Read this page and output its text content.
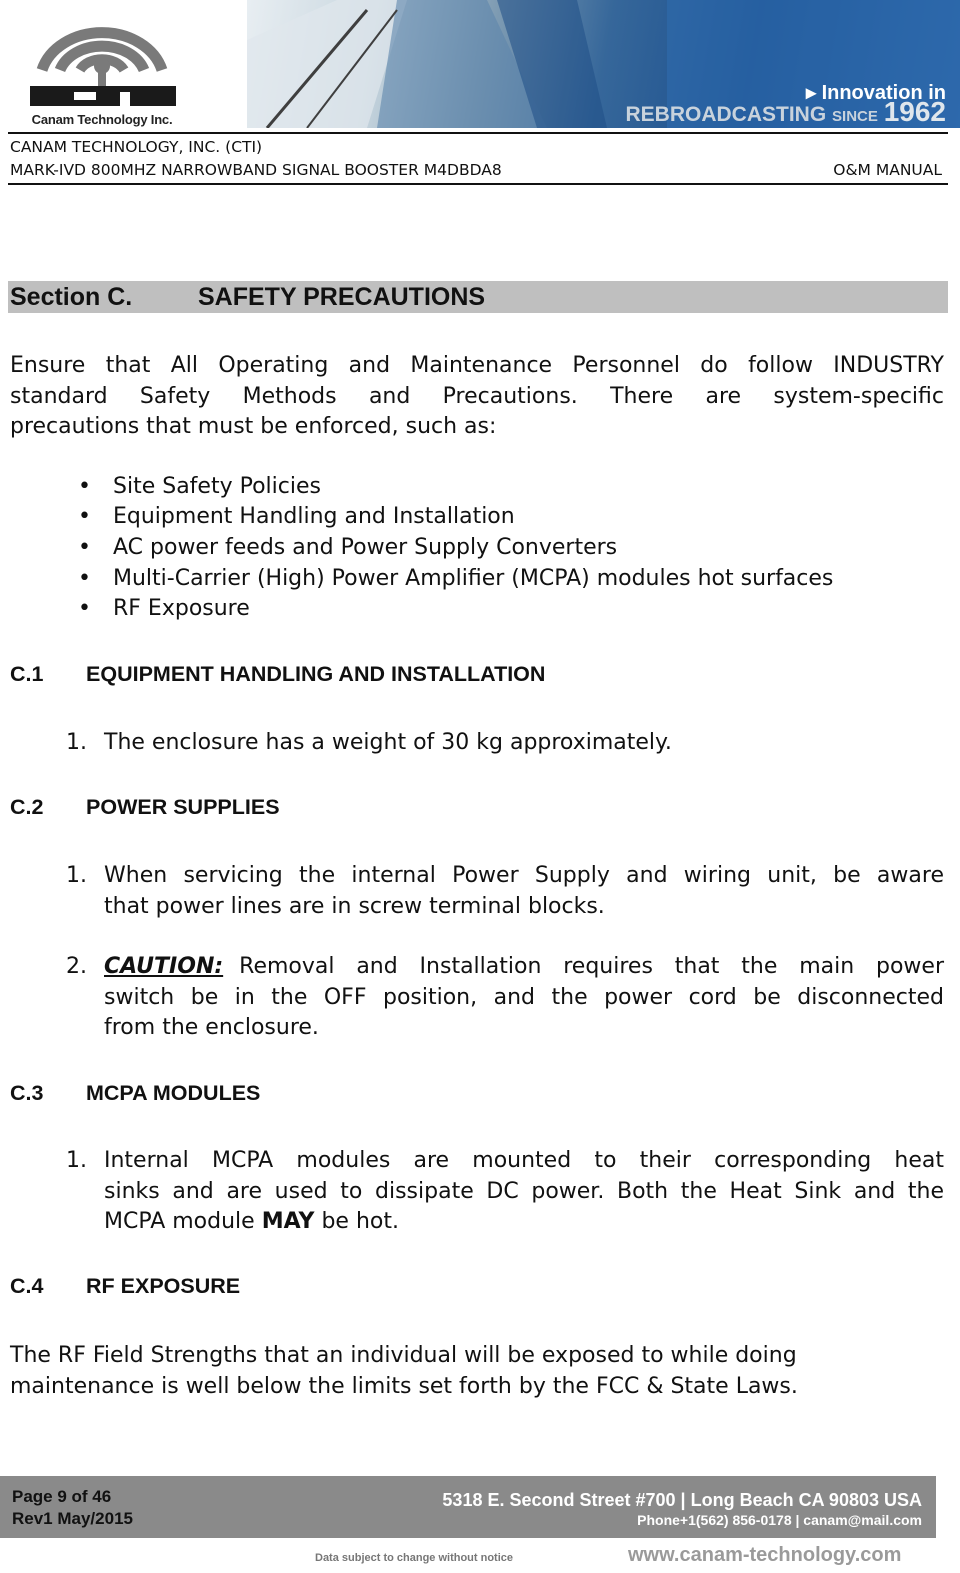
Canam Technology Inc.
▸ Innovation in
REBROADCASTING SINCE 1962
CANAM TECHNOLOGY, INC. (CTI)
MARK-IVD 800MHZ NARROWBAND SIGNAL BOOSTER M4DBDA8	O&M MANUAL
Section C.	SAFETY PRECAUTIONS
Ensure that All Operating and Maintenance Personnel do follow INDUSTRY
standard Safety Methods and Precautions. There are system-specific
precautions that must be enforced, such as:
• Site Safety Policies
• Equipment Handling and Installation
• AC power feeds and Power Supply Converters
• Multi-Carrier (High) Power Amplifier (MCPA) modules hot surfaces
• RF Exposure
C.1 EQUIPMENT HANDLING AND INSTALLATION
1. The enclosure has a weight of 30 kg approximately.
C.2 POWER SUPPLIES
1. When servicing the internal Power Supply and wiring unit, be aware
that power lines are in screw terminal blocks.
2. CAUTION: Removal and Installation requires that the main power
switch be in the OFF position, and the power cord be disconnected
from the enclosure.
C.3 MCPA MODULES
1. Internal MCPA modules are mounted to their corresponding heat
sinks and are used to dissipate DC power. Both the Heat Sink and the
MCPA module MAY be hot.
C.4 RF EXPOSURE
The RF Field Strengths that an individual will be exposed to while doing
maintenance is well below the limits set forth by the FCC & State Laws.
Page 9 of 46
Rev1 May/2015
5318 E. Second Street #700 | Long Beach CA 90803 USA
Phone+1(562) 856-0178 | canam@mail.com
Data subject to change without notice	www.canam-technology.com
